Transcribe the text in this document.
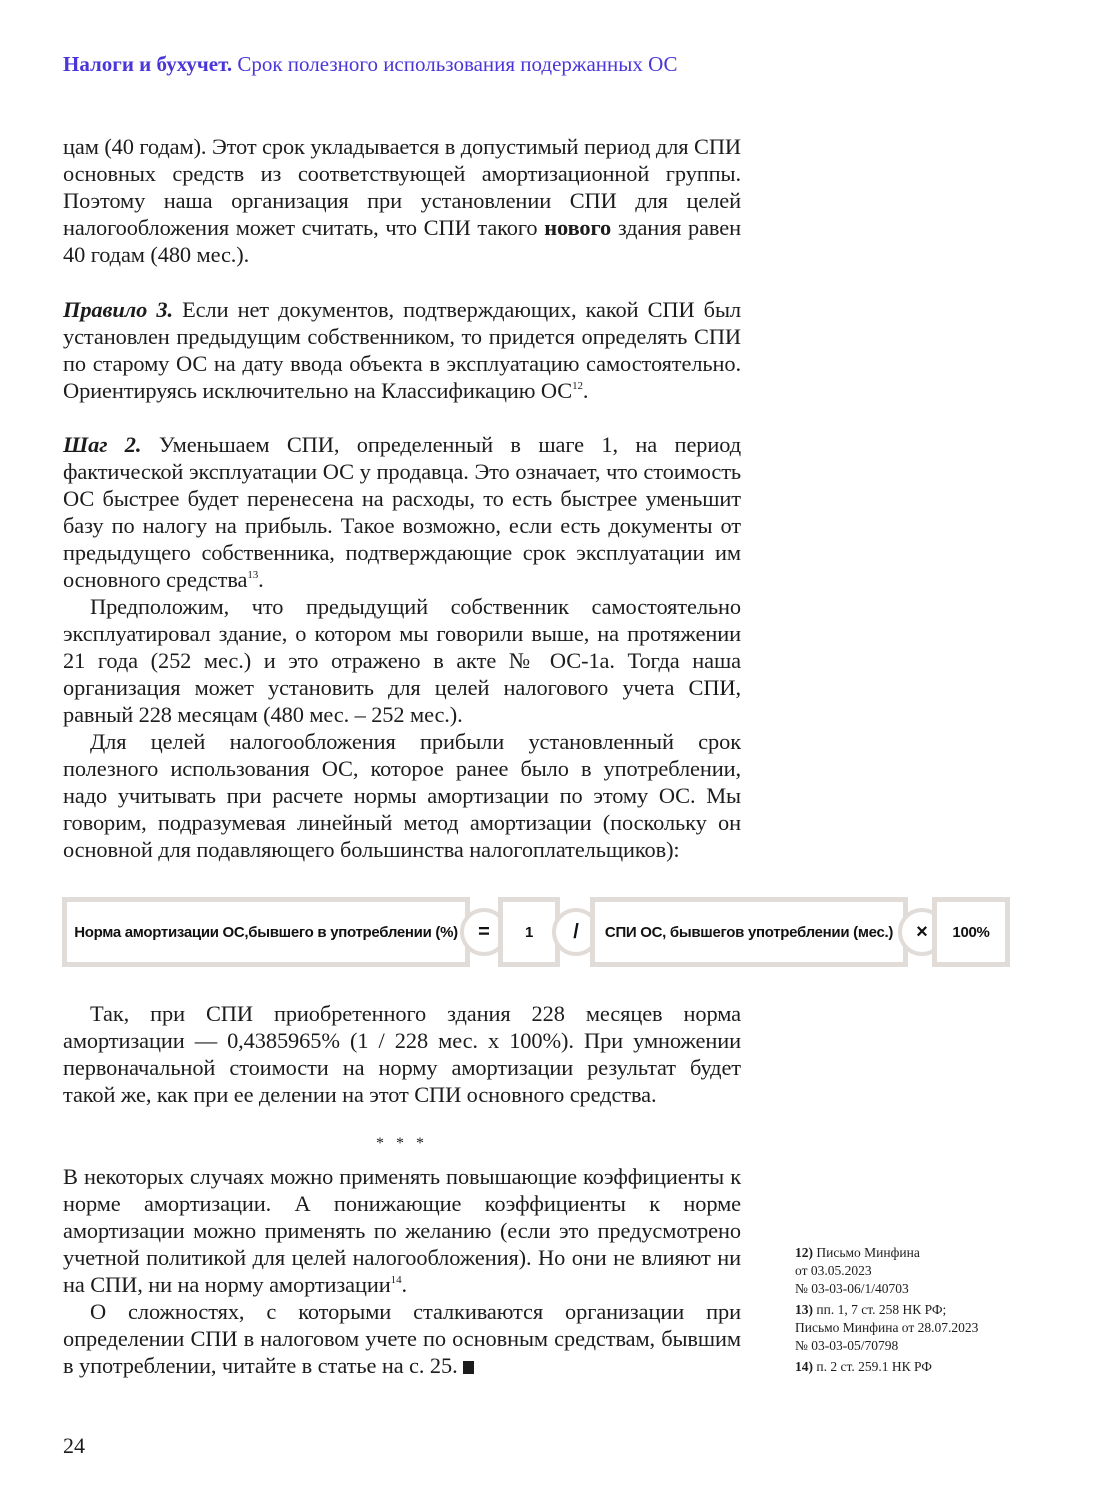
Налоги и бухучет. Срок полезного использования подержанных ОС

цам (40 годам). Этот срок укладывается в допустимый период для СПИ основных средств из соответствующей амортизационной группы. Поэтому наша организация при установлении СПИ для целей налогообложения может считать, что СПИ такого нового здания равен 40 годам (480 мес.).

Правило 3. Если нет документов, подтверждающих, какой СПИ был установлен предыдущим собственником, то придется определять СПИ по старому ОС на дату ввода объекта в эксплуатацию самостоятельно. Ориентируясь исключительно на Классификацию ОС$^{12}$.

Шаг 2. Уменьшаем СПИ, определенный в шаге 1, на период фактической эксплуатации ОС у продавца. Это означает, что стоимость ОС быстрее будет перенесена на расходы, то есть быстрее уменьшит базу по налогу на прибыль. Такое возможно, если есть документы от предыдущего собственника, подтверждающие срок эксплуатации им основного средства$^{13}$.

Предположим, что предыдущий собственник самостоятельно эксплуатировал здание, о котором мы говорили выше, на протяжении 21 года (252 мес.) и это отражено в акте № ОС-1а. Тогда наша организация может установить для целей налогового учета СПИ, равный 228 месяцам (480 мес. – 252 мес.).

Для целей налогообложения прибыли установленный срок полезного использования ОС, которое ранее было в употреблении, надо учитывать при расчете нормы амортизации по этому ОС. Мы говорим, подразумевая линейный метод амортизации (поскольку он основной для подавляющего большинства налогоплательщиков):

Норма амортизации ОС,бывшего в употреблении (%)	=	1	/	СПИ ОС, бывшегов употреблении (мес.)	×	100%

Так, при СПИ приобретенного здания 228 месяцев норма амортизации — 0,4385965% (1 / 228 мес. х 100%). При умножении первоначальной стоимости на норму амортизации результат будет такой же, как при ее делении на этот СПИ основного средства.

* * *

В некоторых случаях можно применять повышающие коэффициенты к норме амортизации. А понижающие коэффициенты к норме амортизации можно применять по желанию (если это предусмотрено учетной политикой для целей налогообложения). Но они не влияют ни на СПИ, ни на норму амортизации$^{14}$.

О сложностях, с которыми сталкиваются организации при определении СПИ в налоговом учете по основным средствам, бывшим в употреблении, читайте в статье на с. 25.

12) Письмо Минфина
от 03.05.2023
№ 03-03-06/1/40703
13) пп. 1, 7 ст. 258 НК РФ;
Письмо Минфина от 28.07.2023
№ 03-03-05/70798
14) п. 2 ст. 259.1 НК РФ
24
